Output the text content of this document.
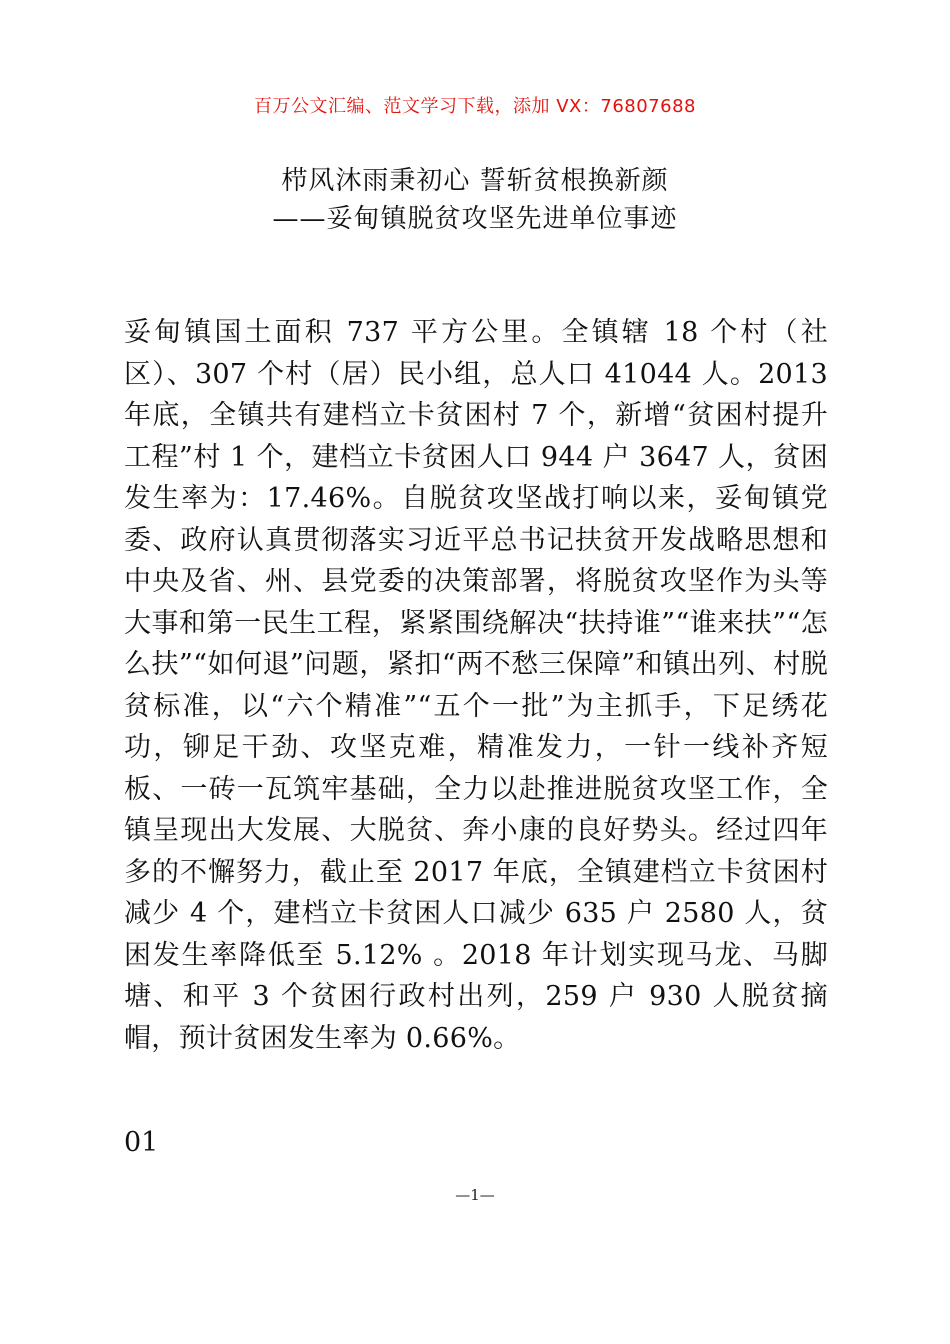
百万公文汇编、范文学习下载，添加 VX：76807688
栉风沐雨秉初心 誓斩贫根换新颜
——妥甸镇脱贫攻坚先进单位事迹

妥甸镇国土面积 737 平方公里。全镇辖 18 个村（社区）、307 个村（居）民小组，总人口 41044 人。2013 年底，全镇共有建档立卡贫困村 7 个，新增“贫困村提升工程”村 1 个，建档立卡贫困人口 944 户 3647 人，贫困发生率为：17.46%。自脱贫攻坚战打响以来，妥甸镇党委、政府认真贯彻落实习近平总书记扶贫开发战略思想和中央及省、州、县党委的决策部署，将脱贫攻坚作为头等大事和第一民生工程，紧紧围绕解决“扶持谁”“谁来扶”“怎么扶”“如何退”问题，紧扣“两不愁三保障”和镇出列、村脱贫标准，以“六个精准”“五个一批”为主抓手，下足绣花功，铆足干劲、攻坚克难，精准发力，一针一线补齐短板、一砖一瓦筑牢基础，全力以赴推进脱贫攻坚工作，全镇呈现出大发展、大脱贫、奔小康的良好势头。经过四年多的不懈努力，截止至 2017 年底，全镇建档立卡贫困村减少 4 个，建档立卡贫困人口减少 635 户 2580 人，贫困发生率降低至 5.12% 。2018 年计划实现马龙、马脚塘、和平 3 个贫困行政村出列，259 户 930 人脱贫摘帽，预计贫困发生率为 0.66%。

01
—1—
